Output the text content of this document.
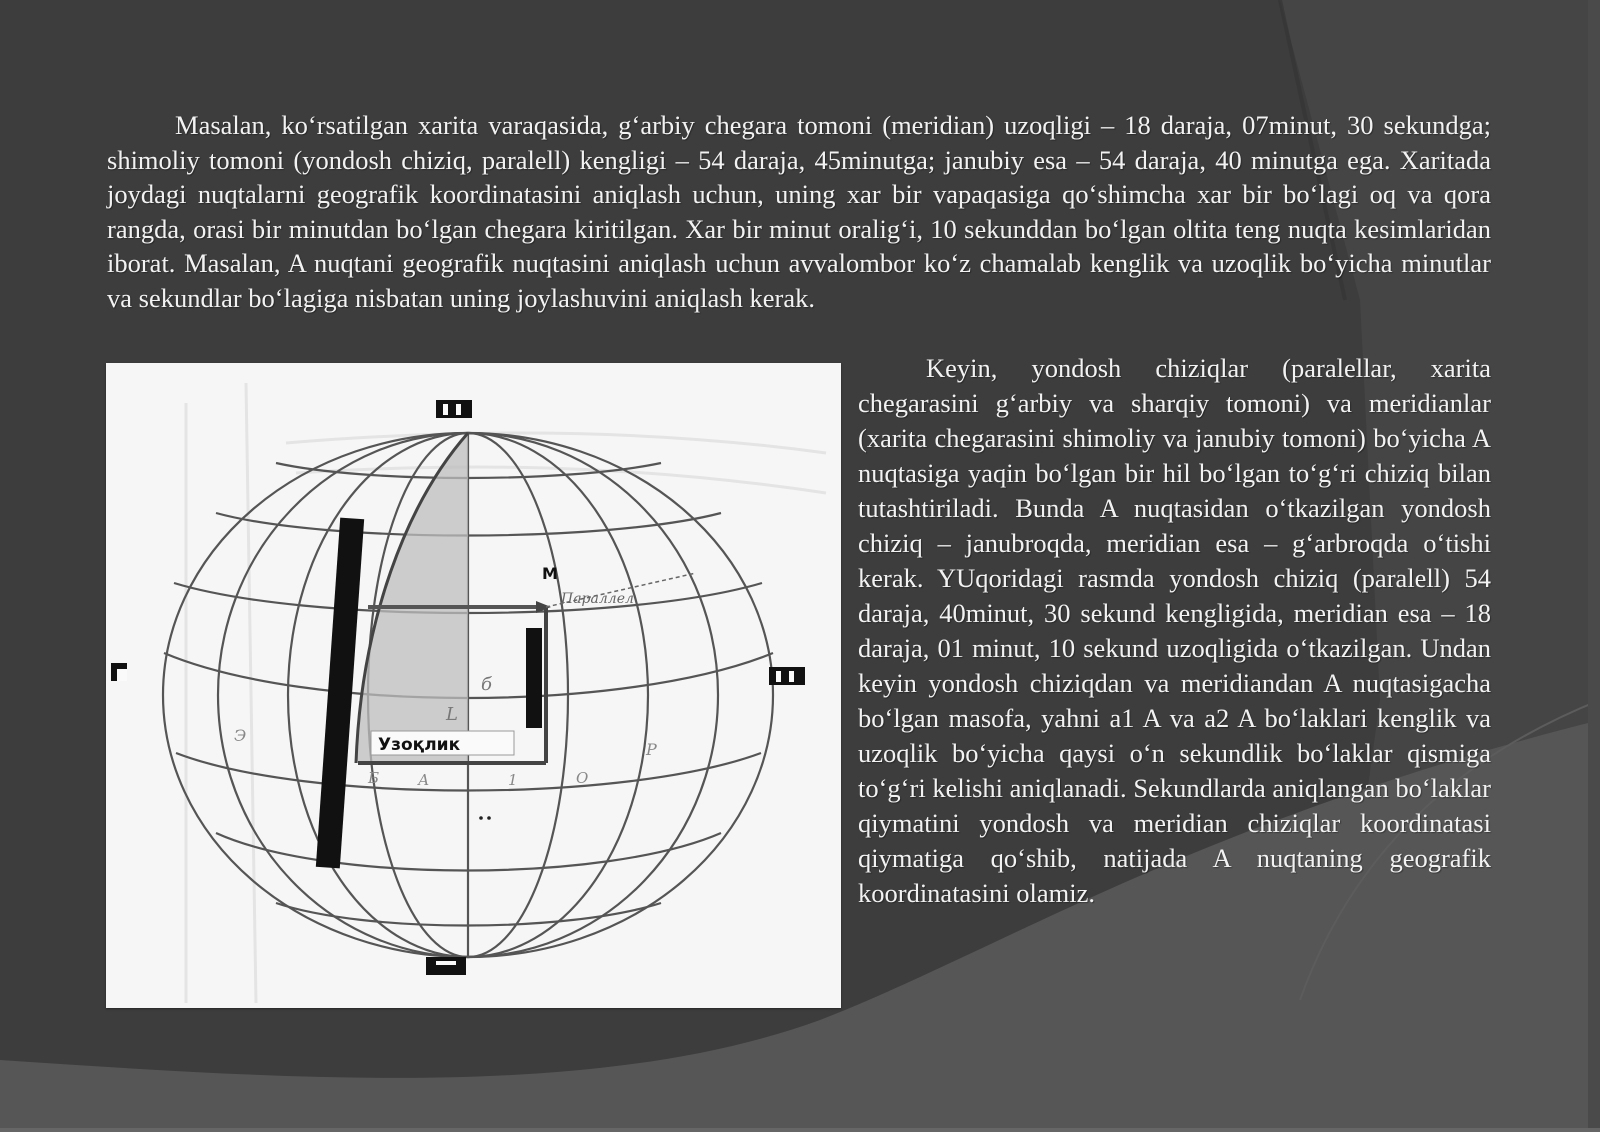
Masalan, ko‘rsatilgan xarita varaqasida, g‘arbiy chegara tomoni (meridian) uzoqligi – 18 daraja, 07minut, 30 sekundga; shimoliy tomoni (yondosh chiziq, paralell) kengligi – 54 daraja, 45minutga; janubiy esa – 54 daraja, 40 minutga ega. Xaritada joydagi nuqtalarni geografik koordinatasini aniqlash uchun, uning xar bir vapaqasiga qo‘shimcha xar bir bo‘lagi oq va qora rangda, orasi bir minutdan bo‘lgan chegara kiritilgan. Xar bir minut oralig‘i, 10 sekunddan bo‘lgan oltita teng nuqta kesimlaridan iborat. Masalan, A nuqtani geografik nuqtasini aniqlash uchun avvalombor ko‘z chamalab kenglik va uzoqlik bo‘yicha minutlar va sekundlar bo‘lagiga nisbatan uning joylashuvini aniqlash kerak.
Узоқлик
М
Параллел
б
L
Э
Р
Б	А	1	О
Keyin, yondosh chiziqlar (paralellar, xarita chegarasini g‘arbiy va sharqiy tomoni) va meridianlar (xarita chegarasini shimoliy va janubiy tomoni) bo‘yicha A nuqtasiga yaqin bo‘lgan bir hil bo‘lgan to‘g‘ri chiziq bilan tutashtiriladi. Bunda A nuqtasidan o‘tkazilgan yondosh chiziq – janubroqda, meridian esa – g‘arbroqda o‘tishi kerak. YUqoridagi rasmda yondosh chiziq (paralell) 54 daraja, 40minut, 30 sekund kengligida, meridian esa – 18 daraja, 01 minut, 10 sekund uzoqligida o‘tkazilgan. Undan keyin yondosh chiziqdan va meridiandan A nuqtasigacha bo‘lgan masofa, yahni a1 A va a2 A bo‘laklari kenglik va uzoqlik bo‘yicha qaysi o‘n sekundlik bo‘laklar qismiga to‘g‘ri kelishi aniqlanadi. Sekundlarda aniqlangan bo‘laklar qiymatini yondosh va meridian chiziqlar koordinatasi qiymatiga qo‘shib, natijada A nuqtaning geografik koordinatasini olamiz.
